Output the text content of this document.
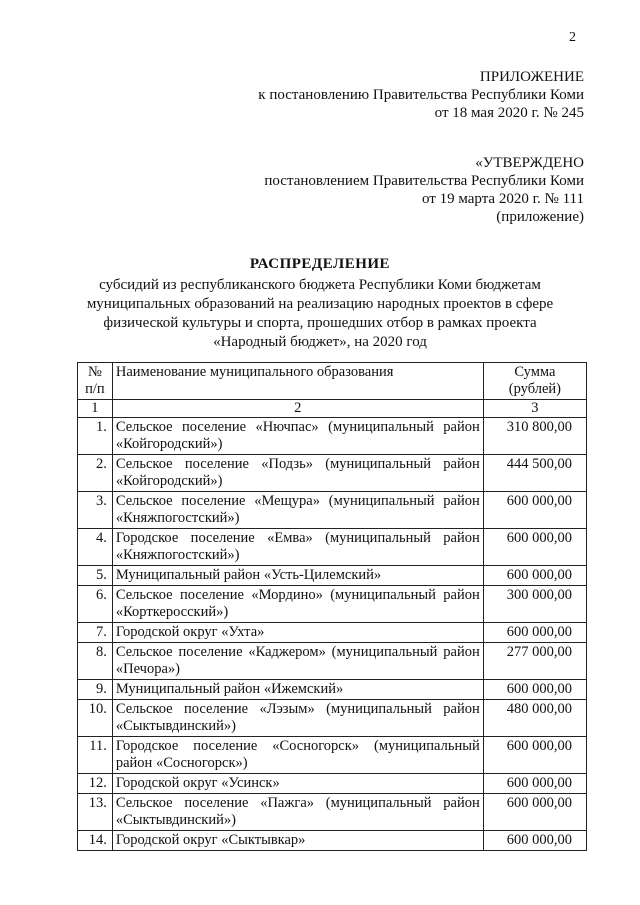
2
ПРИЛОЖЕНИЕ
к постановлению Правительства Республики Коми
от 18 мая 2020 г. № 245
«УТВЕРЖДЕНО
постановлением Правительства Республики Коми
от 19 марта 2020 г. № 111
(приложение)
РАСПРЕДЕЛЕНИЕ
субсидий из республиканского бюджета Республики Коми бюджетам муниципальных образований на реализацию народных проектов в сфере физической культуры и спорта, прошедших отбор в рамках проекта «Народный бюджет», на 2020 год
№ п/п	Наименование муниципального образования	Сумма (рублей)
1	2	3
1.	Сельское поселение «Нючпас» (муниципальный район «Койгородский»)	310 800,00
2.	Сельское поселение «Подзь» (муниципальный район «Койгородский»)	444 500,00
3.	Сельское поселение «Мещура» (муниципальный район «Княжпогостский»)	600 000,00
4.	Городское поселение «Емва» (муниципальный район «Княжпогостский»)	600 000,00
5.	Муниципальный район «Усть-Цилемский»	600 000,00
6.	Сельское поселение «Мордино» (муниципальный район «Корткеросский»)	300 000,00
7.	Городской округ «Ухта»	600 000,00
8.	Сельское поселение «Каджером» (муниципальный район «Печора»)	277 000,00
9.	Муниципальный район «Ижемский»	600 000,00
10.	Сельское поселение «Лэзым» (муниципальный район «Сыктывдинский»)	480 000,00
11.	Городское поселение «Сосногорск» (муниципальный район «Сосногорск»)	600 000,00
12.	Городской округ «Усинск»	600 000,00
13.	Сельское поселение «Пажга» (муниципальный район «Сыктывдинский»)	600 000,00
14.	Городской округ «Сыктывкар»	600 000,00
